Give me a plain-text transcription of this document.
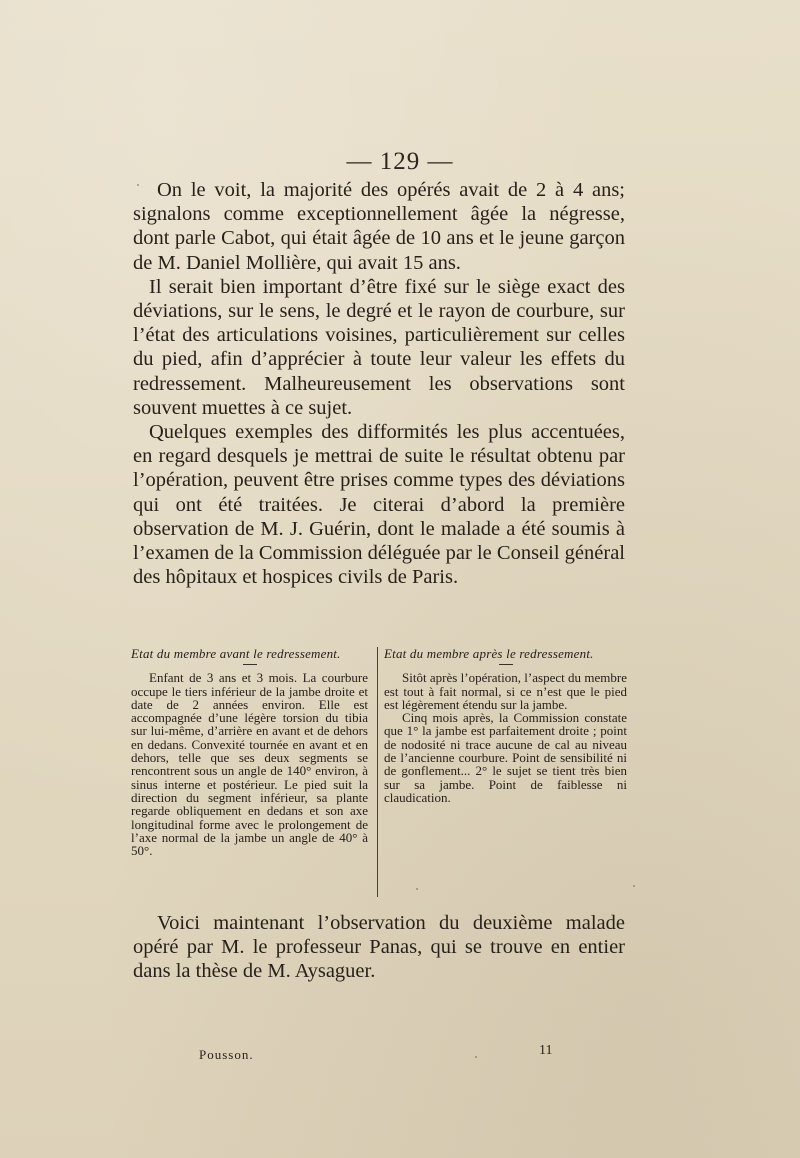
— 129 —

On le voit, la majorité des opérés avait de 2 à 4 ans; signalons comme exceptionnellement âgée la négresse, dont parle Cabot, qui était âgée de 10 ans et le jeune garçon de M. Daniel Mollière, qui avait 15 ans.

Il serait bien important d’être fixé sur le siège exact des déviations, sur le sens, le degré et le rayon de courbure, sur l’état des articulations voisines, particulièrement sur celles du pied, afin d’apprécier à toute leur valeur les effets du redressement. Malheureusement les observations sont souvent muettes à ce sujet.

Quelques exemples des difformités les plus accentuées, en regard desquels je mettrai de suite le résultat obtenu par l’opération, peuvent être prises comme types des déviations qui ont été traitées. Je citerai d’abord la première observation de M. J. Guérin, dont le malade a été soumis à l’examen de la Commission déléguée par le Conseil général des hôpitaux et hospices civils de Paris.

Etat du membre avant le redressement.

Enfant de 3 ans et 3 mois. La courbure occupe le tiers inférieur de la jambe droite et date de 2 années environ. Elle est accompagnée d’une légère torsion du tibia sur lui-même, d’arrière en avant et de dehors en dedans. Convexité tournée en avant et en dehors, telle que ses deux segments se rencontrent sous un angle de 140° environ, à sinus interne et postérieur. Le pied suit la direction du segment inférieur, sa plante regarde obliquement en dedans et son axe longitudinal forme avec le prolongement de l’axe normal de la jambe un angle de 40° à 50°.

Etat du membre après le redressement.

Sitôt après l’opération, l’aspect du membre est tout à fait normal, si ce n’est que le pied est légèrement étendu sur la jambe.

Cinq mois après, la Commission constate que 1° la jambe est parfaitement droite ; point de nodosité ni trace aucune de cal au niveau de l’ancienne courbure. Point de sensibilité ni de gonflement... 2° le sujet se tient très bien sur sa jambe. Point de faiblesse ni claudication.

Voici maintenant l’observation du deuxième malade opéré par M. le professeur Panas, qui se trouve en entier dans la thèse de M. Aysaguer.

Pousson.	11
